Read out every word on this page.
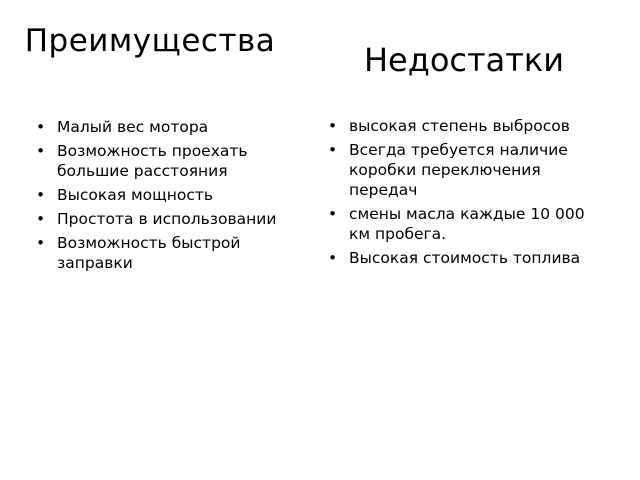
Преимущества	Недостатки
• Малый вес мотора
• Возможность проехать большие расстояния
• Высокая мощность
• Простота в использовании
• Возможность быстрой заправки
• высокая степень выбросов
• Всегда требуется наличие коробки переключения передач
• смены масла каждые 10 000 км пробега.
• Высокая стоимость топлива
